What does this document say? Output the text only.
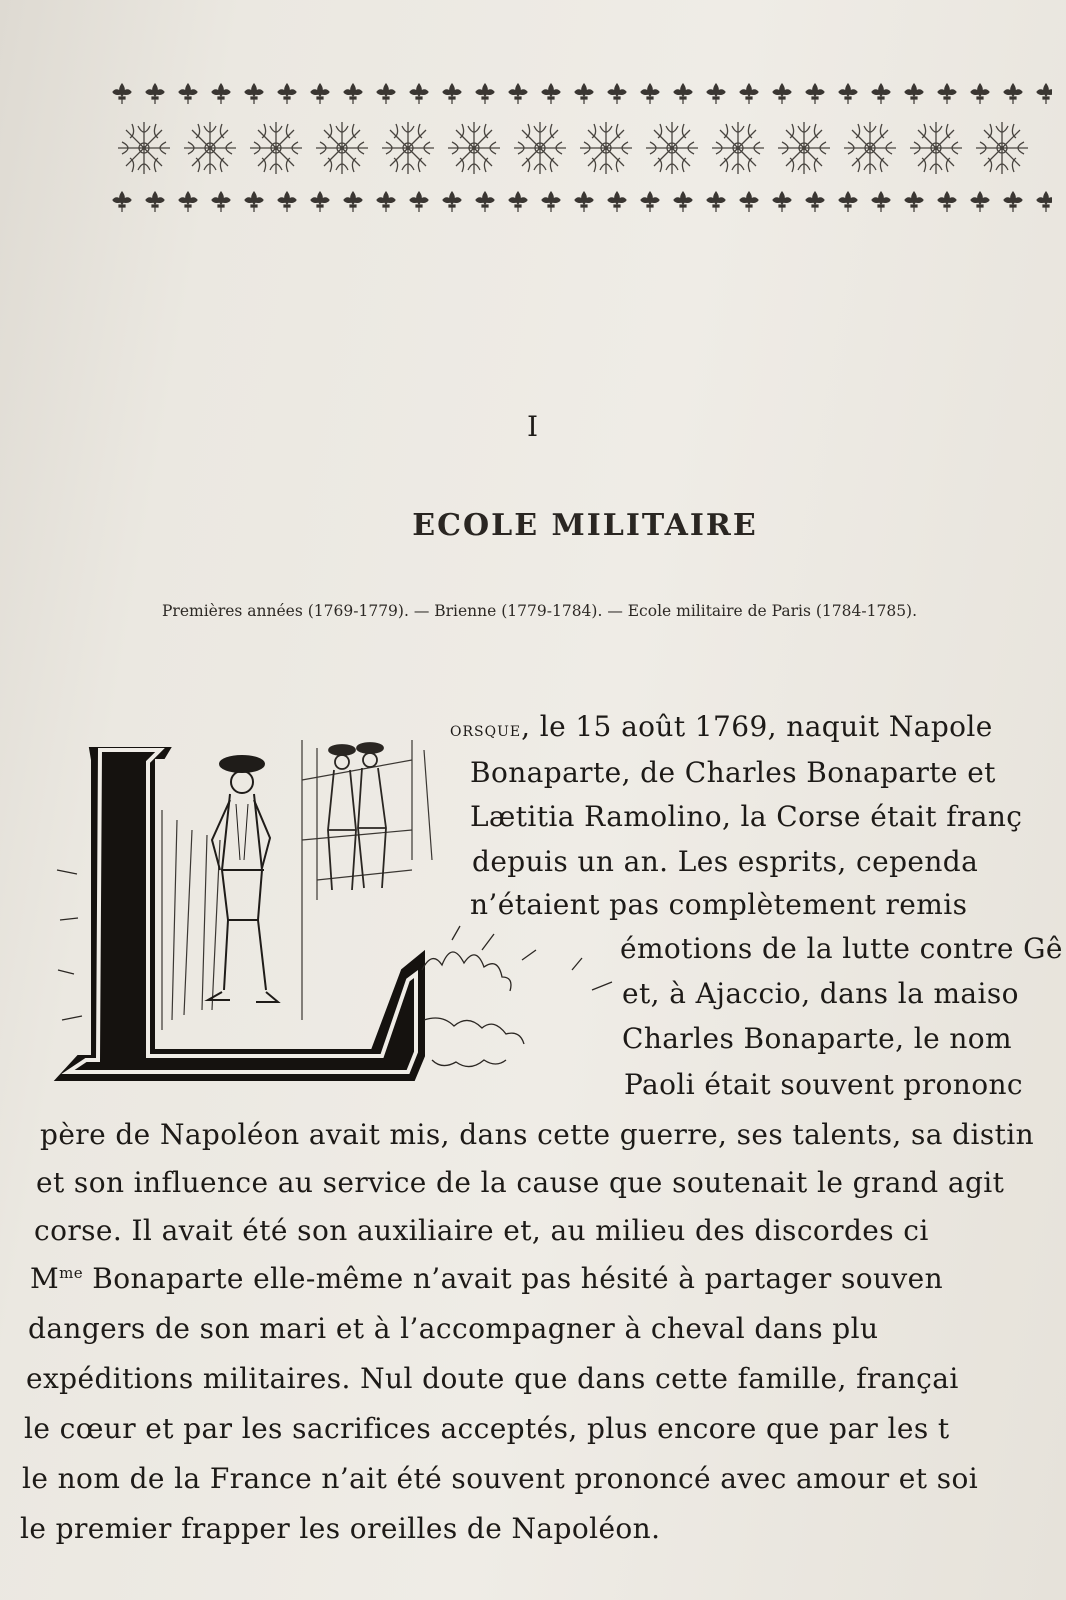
I
ECOLE MILITAIRE
Premières années (1769-1779). — Brienne (1779-1784). — Ecole militaire de Paris (1784-1785).
orsque, le 15 août 1769, naquit Napole
Bonaparte, de Charles Bonaparte et
Lætitia Ramolino, la Corse était franç
depuis un an. Les esprits, cependa
n’étaient pas complètement remis
émotions de la lutte contre Gê
et, à Ajaccio, dans la maiso
Charles Bonaparte, le nom
Paoli était souvent prononc
père de Napoléon avait mis, dans cette guerre, ses talents, sa distin
et son influence au service de la cause que soutenait le grand agit
corse. Il avait été son auxiliaire et, au milieu des discordes ci
$M^{me}$ Bonaparte elle-même n’avait pas hésité à partager souven
dangers de son mari et à l’accompagner à cheval dans plu
expéditions militaires. Nul doute que dans cette famille, françai
le cœur et par les sacrifices acceptés, plus encore que par les t
le nom de la France n’ait été souvent prononcé avec amour et soi
le premier frapper les oreilles de Napoléon.
